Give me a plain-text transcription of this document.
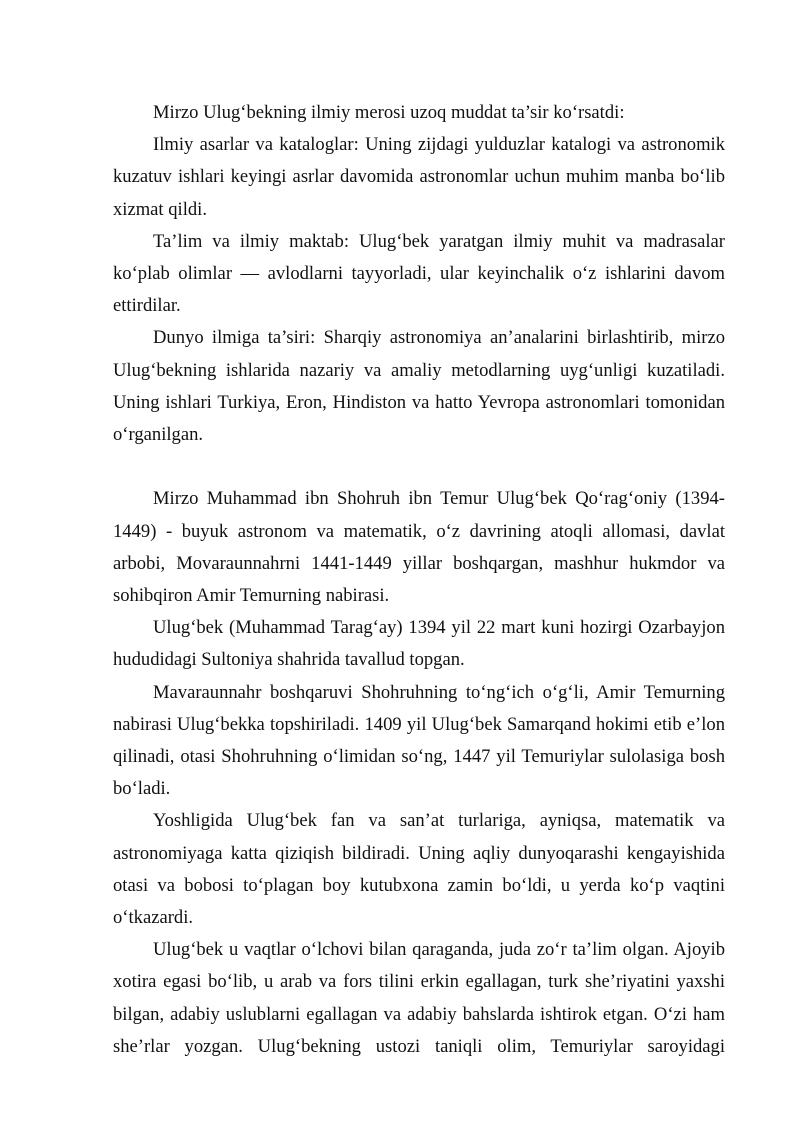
Mirzo Ulug‘bekning ilmiy merosi uzoq muddat ta’sir ko‘rsatdi:

Ilmiy asarlar va kataloglar: Uning zijdagi yulduzlar katalogi va astronomik kuzatuv ishlari keyingi asrlar davomida astronomlar uchun muhim manba bo‘lib xizmat qildi.

Ta’lim va ilmiy maktab: Ulug‘bek yaratgan ilmiy muhit va madrasalar ko‘plab olimlar — avlodlarni tayyorladi, ular keyinchalik o‘z ishlarini davom ettirdilar.

Dunyo ilmiga ta’siri: Sharqiy astronomiya an’analarini birlashtirib, mirzo Ulug‘bekning ishlarida nazariy va amaliy metodlarning uyg‘unligi kuzatiladi. Uning ishlari Turkiya, Eron, Hindiston va hatto Yevropa astronomlari tomonidan o‘rganilgan.

Mirzo Muhammad ibn Shohruh ibn Temur Ulug‘bek Qo‘rag‘oniy (1394-1449) - buyuk astronom va matematik, o‘z davrining atoqli allomasi, davlat arbobi, Movaraunnahrni 1441-1449 yillar boshqargan, mashhur hukmdor va sohibqiron Amir Temurning nabirasi.

Ulug‘bek (Muhammad Tarag‘ay) 1394 yil 22 mart kuni hozirgi Ozarbayjon hududidagi Sultoniya shahrida tavallud topgan.

Mavaraunnahr boshqaruvi Shohruhning to‘ng‘ich o‘g‘li, Amir Temurning nabirasi Ulug‘bekka topshiriladi. 1409 yil Ulug‘bek Samarqand hokimi etib e’lon qilinadi, otasi Shohruhning o‘limidan so‘ng, 1447 yil Temuriylar sulolasiga bosh bo‘ladi.

Yoshligida Ulug‘bek fan va san’at turlariga, ayniqsa, matematik va astronomiyaga katta qiziqish bildiradi. Uning aqliy dunyoqarashi kengayishida otasi va bobosi to‘plagan boy kutubxona zamin bo‘ldi, u yerda ko‘p vaqtini o‘tkazardi.

Ulug‘bek u vaqtlar o‘lchovi bilan qaraganda, juda zo‘r ta’lim olgan. Ajoyib xotira egasi bo‘lib, u arab va fors tilini erkin egallagan, turk she’riyatini yaxshi bilgan, adabiy uslublarni egallagan va adabiy bahslarda ishtirok etgan. O‘zi ham she’rlar yozgan. Ulug‘bekning ustozi taniqli olim, Temuriylar saroyidagi
